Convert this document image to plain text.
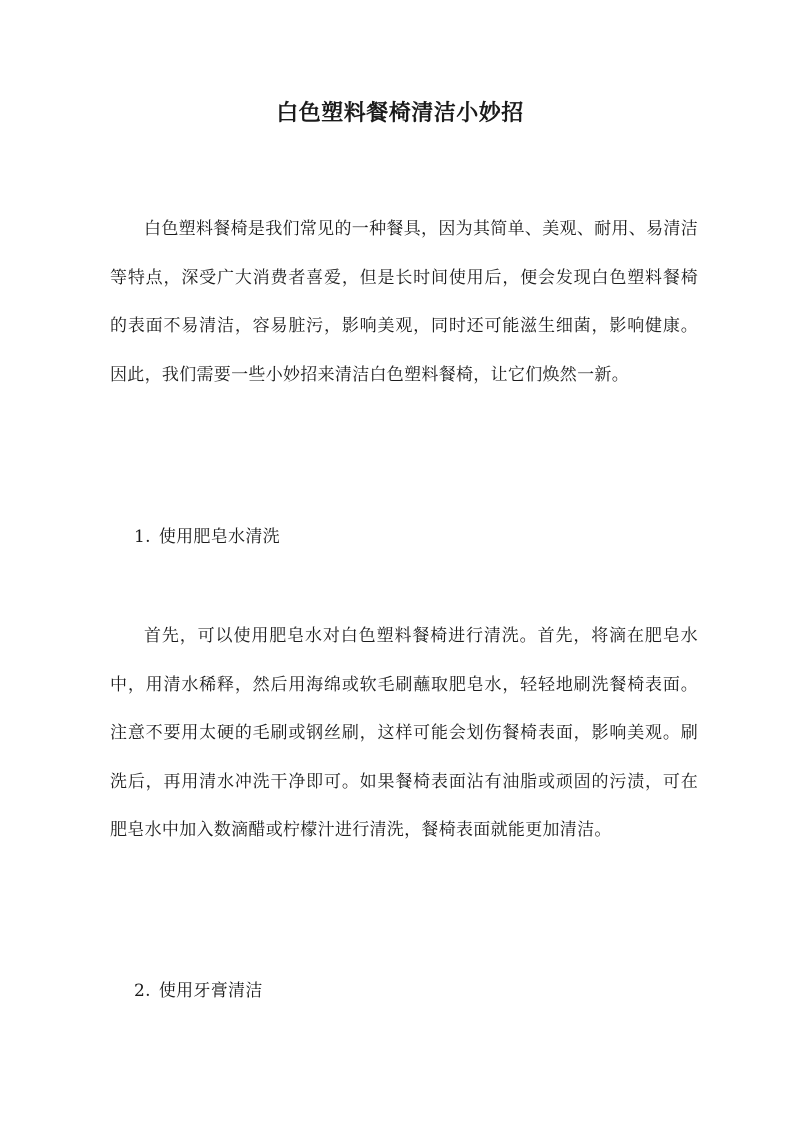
白色塑料餐椅清洁小妙招

白色塑料餐椅是我们常见的一种餐具，因为其简单、美观、耐用、易清洁等特点，深受广大消费者喜爱，但是长时间使用后，便会发现白色塑料餐椅的表面不易清洁，容易脏污，影响美观，同时还可能滋生细菌，影响健康。因此，我们需要一些小妙招来清洁白色塑料餐椅，让它们焕然一新。

1. 使用肥皂水清洗

首先，可以使用肥皂水对白色塑料餐椅进行清洗。首先，将滴在肥皂水中，用清水稀释，然后用海绵或软毛刷蘸取肥皂水，轻轻地刷洗餐椅表面。注意不要用太硬的毛刷或钢丝刷，这样可能会划伤餐椅表面，影响美观。刷洗后，再用清水冲洗干净即可。如果餐椅表面沾有油脂或顽固的污渍，可在肥皂水中加入数滴醋或柠檬汁进行清洗，餐椅表面就能更加清洁。

2. 使用牙膏清洁
